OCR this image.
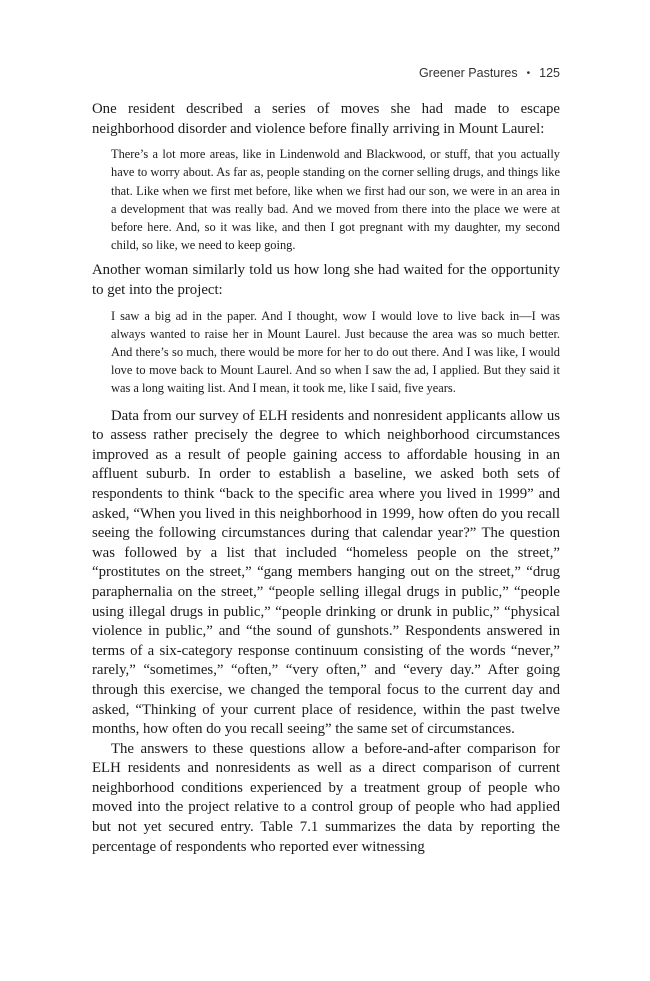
Greener Pastures • 125

One resident described a series of moves she had made to escape neighborhood disorder and violence before finally arriving in Mount Laurel:

There’s a lot more areas, like in Lindenwold and Blackwood, or stuff, that you actually have to worry about. As far as, people standing on the corner selling drugs, and things like that. Like when we first met before, like when we first had our son, we were in an area in a development that was really bad. And we moved from there into the place we were at before here. And, so it was like, and then I got pregnant with my daughter, my second child, so like, we need to keep going.

Another woman similarly told us how long she had waited for the opportunity to get into the project:

I saw a big ad in the paper. And I thought, wow I would love to live back in—I was always wanted to raise her in Mount Laurel. Just because the area was so much better. And there’s so much, there would be more for her to do out there. And I was like, I would love to move back to Mount Laurel. And so when I saw the ad, I applied. But they said it was a long waiting list. And I mean, it took me, like I said, five years.

Data from our survey of ELH residents and nonresident applicants allow us to assess rather precisely the degree to which neighborhood circumstances improved as a result of people gaining access to affordable housing in an affluent suburb. In order to establish a baseline, we asked both sets of respondents to think “back to the specific area where you lived in 1999” and asked, “When you lived in this neighborhood in 1999, how often do you recall seeing the following circumstances during that calendar year?” The question was followed by a list that included “homeless people on the street,” “prostitutes on the street,” “gang members hanging out on the street,” “drug paraphernalia on the street,” “people selling illegal drugs in public,” “people using illegal drugs in public,” “people drinking or drunk in public,” “physical violence in public,” and “the sound of gunshots.” Respondents answered in terms of a six-category response continuum consisting of the words “never,” rarely,” “sometimes,” “often,” “very often,” and “every day.” After going through this exercise, we changed the temporal focus to the current day and asked, “Thinking of your current place of residence, within the past twelve months, how often do you recall seeing” the same set of circumstances.

The answers to these questions allow a before-and-after comparison for ELH residents and nonresidents as well as a direct comparison of current neighborhood conditions experienced by a treatment group of people who moved into the project relative to a control group of people who had applied but not yet secured entry. Table 7.1 summarizes the data by reporting the percentage of respondents who reported ever witnessing
